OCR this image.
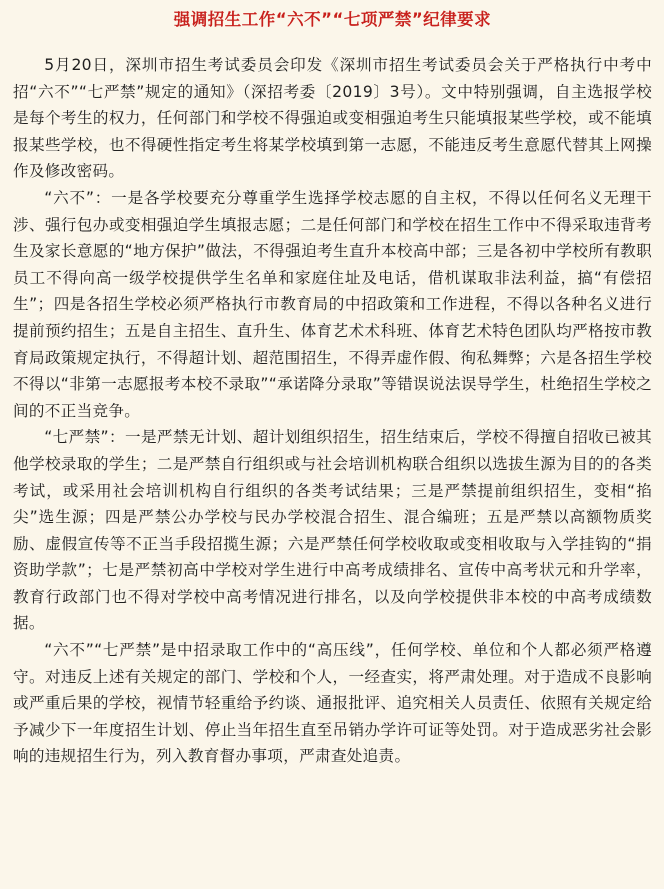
强调招生工作“六不”“七项严禁”纪律要求

5月20日，深圳市招生考试委员会印发《深圳市招生考试委员会关于严格执行中考中招“六不”“七严禁”规定的通知》（深招考委〔2019〕3号）。文中特别强调，自主选报学校是每个考生的权力，任何部门和学校不得强迫或变相强迫考生只能填报某些学校，或不能填报某些学校，也不得硬性指定考生将某学校填到第一志愿，不能违反考生意愿代替其上网操作及修改密码。

“六不”：一是各学校要充分尊重学生选择学校志愿的自主权，不得以任何名义无理干涉、强行包办或变相强迫学生填报志愿；二是任何部门和学校在招生工作中不得采取违背考生及家长意愿的“地方保护”做法，不得强迫考生直升本校高中部；三是各初中学校所有教职员工不得向高一级学校提供学生名单和家庭住址及电话，借机谋取非法利益，搞“有偿招生”；四是各招生学校必须严格执行市教育局的中招政策和工作进程，不得以各种名义进行提前预约招生；五是自主招生、直升生、体育艺术术科班、体育艺术特色团队均严格按市教育局政策规定执行，不得超计划、超范围招生，不得弄虚作假、徇私舞弊；六是各招生学校不得以“非第一志愿报考本校不录取”“承诺降分录取”等错误说法误导学生，杜绝招生学校之间的不正当竞争。

“七严禁”：一是严禁无计划、超计划组织招生，招生结束后，学校不得擅自招收已被其他学校录取的学生；二是严禁自行组织或与社会培训机构联合组织以选拔生源为目的的各类考试，或采用社会培训机构自行组织的各类考试结果；三是严禁提前组织招生，变相“掐尖”选生源；四是严禁公办学校与民办学校混合招生、混合编班；五是严禁以高额物质奖励、虚假宣传等不正当手段招揽生源；六是严禁任何学校收取或变相收取与入学挂钩的“捐资助学款”；七是严禁初高中学校对学生进行中高考成绩排名、宣传中高考状元和升学率，教育行政部门也不得对学校中高考情况进行排名，以及向学校提供非本校的中高考成绩数据。

“六不”“七严禁”是中招录取工作中的“高压线”，任何学校、单位和个人都必须严格遵守。对违反上述有关规定的部门、学校和个人，一经查实，将严肃处理。对于造成不良影响或严重后果的学校，视情节轻重给予约谈、通报批评、追究相关人员责任、依照有关规定给予减少下一年度招生计划、停止当年招生直至吊销办学许可证等处罚。对于造成恶劣社会影响的违规招生行为，列入教育督办事项，严肃查处追责。
